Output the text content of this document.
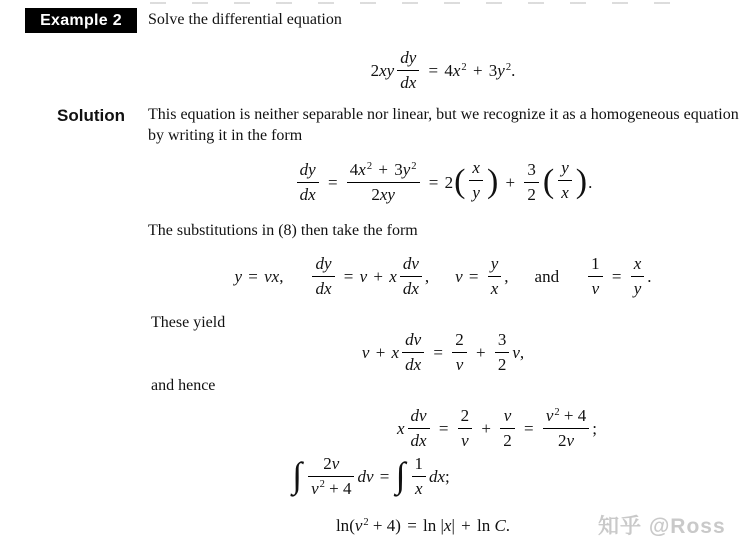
Example 2 Solve the differential equation
$2xy \frac{dy}{dx} = 4x^2 + 3y^2$.
Solution This equation is neither separable nor linear, but we recognize it as a homogeneous equation by writing it in the form
$\frac{dy}{dx} = \frac{4x^2 + 3y^2}{2xy} = 2$ ( $\frac{x}{y}$ ) + $\frac{3}{2}$ ( $\frac{y}{x}$ ) .
The substitutions in (8) then take the form
y = vx, $\frac{dy}{dx} = v + x \frac{dv}{dx}$ , $v = \frac{y}{x}$ , and $\frac{1}{v} = \frac{x}{y}$ .
These yield
v + x $\frac{dv}{dx} = \frac{2}{v} + \frac{3}{2} v$,
and hence
x $\frac{dv}{dx} = \frac{2}{v} + \frac{v}{2} = \frac{v^2 + 4}{2v}$ ;
∫ $\frac{2v}{v^2 + 4}$ dv = ∫ $\frac{1}{x}$ dx;
$\ln(v^2 + 4) = \ln |x| + \ln C$.	知乎 @Ross
